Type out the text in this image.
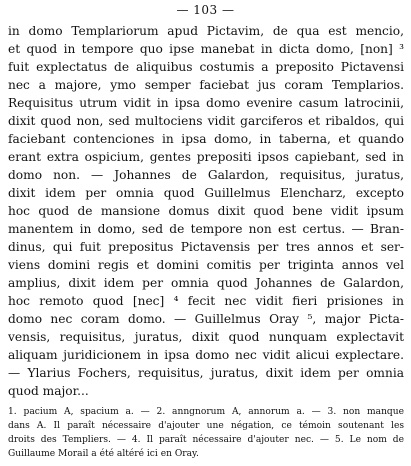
— 103 —
in domo Templariorum apud Pictavim, de qua est mencio,
et quod in tempore quo ipse manebat in dicta domo, [non] ³
fuit explectatus de aliquibus costumis a preposito Pictavensi
nec a majore, ymo semper faciebat jus coram Templarios.
Requisitus utrum vidit in ipsa domo evenire casum latrocinii,
dixit quod non, sed multociens vidit garciferos et ribaldos, qui
faciebant contenciones in ipsa domo, in taberna, et quando
erant extra ospicium, gentes prepositi ipsos capiebant, sed in
domo non. — Johannes de Galardon, requisitus, juratus,
dixit idem per omnia quod Guillelmus Elencharz, excepto
hoc quod de mansione domus dixit quod bene vidit ipsum
manentem in domo, sed de tempore non est certus. — Bran-
dinus, qui fuit prepositus Pictavensis per tres annos et ser-
viens domini regis et domini comitis per triginta annos vel
amplius, dixit idem per omnia quod Johannes de Galardon,
hoc remoto quod [nec] ⁴ fecit nec vidit fieri prisiones in
domo nec coram domo. — Guillelmus Oray ⁵, major Picta-
vensis, requisitus, juratus, dixit quod nunquam explectavit
aliquam juridicionem in ipsa domo nec vidit alicui explectare.
— Ylarius Fochers, requisitus, juratus, dixit idem per omnia
quod major...
1. pacium A, spacium a. — 2. anngnorum A, annorum a. — 3. non manque
dans A. Il paraît nécessaire d'ajouter une négation, ce témoin soutenant les
droits des Templiers. — 4. Il paraît nécessaire d'ajouter nec. — 5. Le nom de
Guillaume Morail a été altéré ici en Oray.
